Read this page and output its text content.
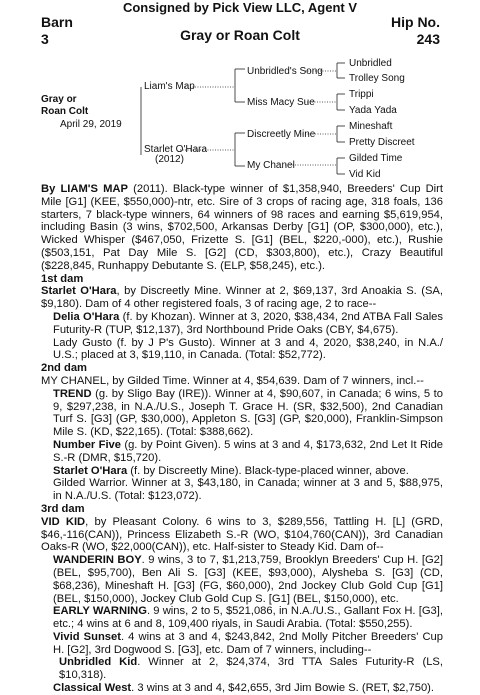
Consigned by Pick View LLC, Agent V
Barn
3
Hip No.
243
Gray or Roan Colt
Gray or
Roan Colt
April 29, 2019
Liam's Map
Starlet O'Hara
(2012)
Unbridled's Song
Miss Macy Sue
Discreetly Mine
My Chanel
Unbridled
Trolley Song
Trippi
Yada Yada
Mineshaft
Pretty Discreet
Gilded Time
Vid Kid

By LIAM'S MAP (2011). Black-type winner of $1,358,940, Breeders' Cup Dirt Mile [G1] (KEE, $550,000)-ntr, etc. Sire of 3 crops of racing age, 318 foals, 136 starters, 7 black-type winners, 64 winners of 98 races and earning $5,619,954, including Basin (3 wins, $702,500, Arkansas Derby [G1] (OP, $300,000), etc.), Wicked Whisper ($467,050, Frizette S. [G1] (BEL, $220,-000), etc.), Rushie ($503,151, Pat Day Mile S. [G2] (CD, $303,800), etc.), Crazy Beautiful ($228,845, Runhappy Debutante S. (ELP, $58,245), etc.).

1st dam

Starlet O'Hara, by Discreetly Mine. Winner at 2, $69,137, 3rd Anoakia S. (SA, $9,180). Dam of 4 other registered foals, 3 of racing age, 2 to race--

Delia O'Hara (f. by Khozan). Winner at 3, 2020, $38,434, 2nd ATBA Fall Sales Futurity-R (TUP, $12,137), 3rd Northbound Pride Oaks (CBY, $4,675).

Lady Gusto (f. by J P's Gusto). Winner at 3 and 4, 2020, $38,240, in N.A./ U.S.; placed at 3, $19,110, in Canada. (Total: $52,772).

2nd dam

MY CHANEL, by Gilded Time. Winner at 4, $54,639. Dam of 7 winners, incl.--

TREND (g. by Sligo Bay (IRE)). Winner at 4, $90,607, in Canada; 6 wins, 5 to 9, $297,238, in N.A./U.S., Joseph T. Grace H. (SR, $32,500), 2nd Canadian Turf S. [G3] (GP, $30,000), Appleton S. [G3] (GP, $20,000), Franklin-Simpson Mile S. (KD, $22,165). (Total: $388,662).

Number Five (g. by Point Given). 5 wins at 3 and 4, $173,632, 2nd Let It Ride S.-R (DMR, $15,720).

Starlet O'Hara (f. by Discreetly Mine). Black-type-placed winner, above.

Gilded Warrior. Winner at 3, $43,180, in Canada; winner at 3 and 5, $88,975, in N.A./U.S. (Total: $123,072).

3rd dam

VID KID, by Pleasant Colony. 6 wins to 3, $289,556, Tattling H. [L] (GRD, $46,-116(CAN)), Princess Elizabeth S.-R (WO, $104,760(CAN)), 3rd Canadian Oaks-R (WO, $22,000(CAN)), etc. Half-sister to Steady Kid. Dam of--

WANDERIN BOY. 9 wins, 3 to 7, $1,213,759, Brooklyn Breeders' Cup H. [G2] (BEL, $95,700), Ben Ali S. [G3] (KEE, $93,000), Alysheba S. [G3] (CD, $68,236), Mineshaft H. [G3] (FG, $60,000), 2nd Jockey Club Gold Cup [G1] (BEL, $150,000), Jockey Club Gold Cup S. [G1] (BEL, $150,000), etc.

EARLY WARNING. 9 wins, 2 to 5, $521,086, in N.A./U.S., Gallant Fox H. [G3], etc.; 4 wins at 6 and 8, 109,400 riyals, in Saudi Arabia. (Total: $550,255).

Vivid Sunset. 4 wins at 3 and 4, $243,842, 2nd Molly Pitcher Breeders' Cup H. [G2], 3rd Dogwood S. [G3], etc. Dam of 7 winners, including--

Unbridled Kid. Winner at 2, $24,374, 3rd TTA Sales Futurity-R (LS, $10,318).

Classical West. 3 wins at 3 and 4, $42,655, 3rd Jim Bowie S. (RET, $2,750).
